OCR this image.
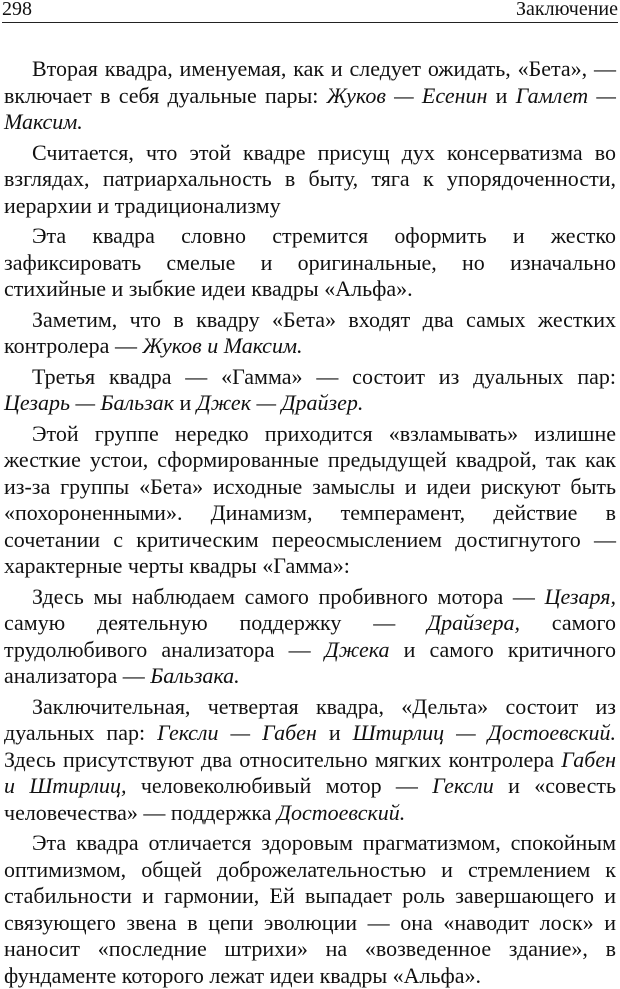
298	Заключение

Вторая квадра, именуемая, как и следует ожидать, «Бета», — включает в себя дуальные пары: Жуков — Есенин и Гамлет — Максим.

Считается, что этой квадре присущ дух консерватизма во взглядах, патриархальность в быту, тяга к упорядоченности, иерархии и традиционализму

Эта квадра словно стремится оформить и жестко зафиксировать смелые и оригинальные, но изначально стихийные и зыбкие идеи квадры «Альфа».

Заметим, что в квадру «Бета» входят два самых жестких контролера — Жуков и Максим.

Третья квадра — «Гамма» — состоит из дуальных пар: Цезарь — Бальзак и Джек — Драйзер.

Этой группе нередко приходится «взламывать» излишне жесткие устои, сформированные предыдущей квадрой, так как из-за группы «Бета» исходные замыслы и идеи рискуют быть «похороненными». Динамизм, темперамент, действие в сочетании с критическим переосмыслением достигнутого — характерные черты квадры «Гамма»:

Здесь мы наблюдаем самого пробивного мотора — Цезаря, самую деятельную поддержку — Драйзера, самого трудолюбивого анализатора — Джека и самого критичного анализатора — Бальзака.

Заключительная, четвертая квадра, «Дельта» состоит из дуальных пар: Гексли — Габен и Штирлиц — Достоевский. Здесь присутствуют два относительно мягких контролера Габен и Штирлиц, человеколюбивый мотор — Гексли и «совесть человечества» — поддержка Достоевский.

Эта квадра отличается здоровым прагматизмом, спокойным оптимизмом, общей доброжелательностью и стремлением к стабильности и гармонии, Ей выпадает роль завершающего и связующего звена в цепи эволюции — она «наводит лоск» и наносит «последние штрихи» на «возведенное здание», в фундаменте которого лежат идеи квадры «Альфа».
